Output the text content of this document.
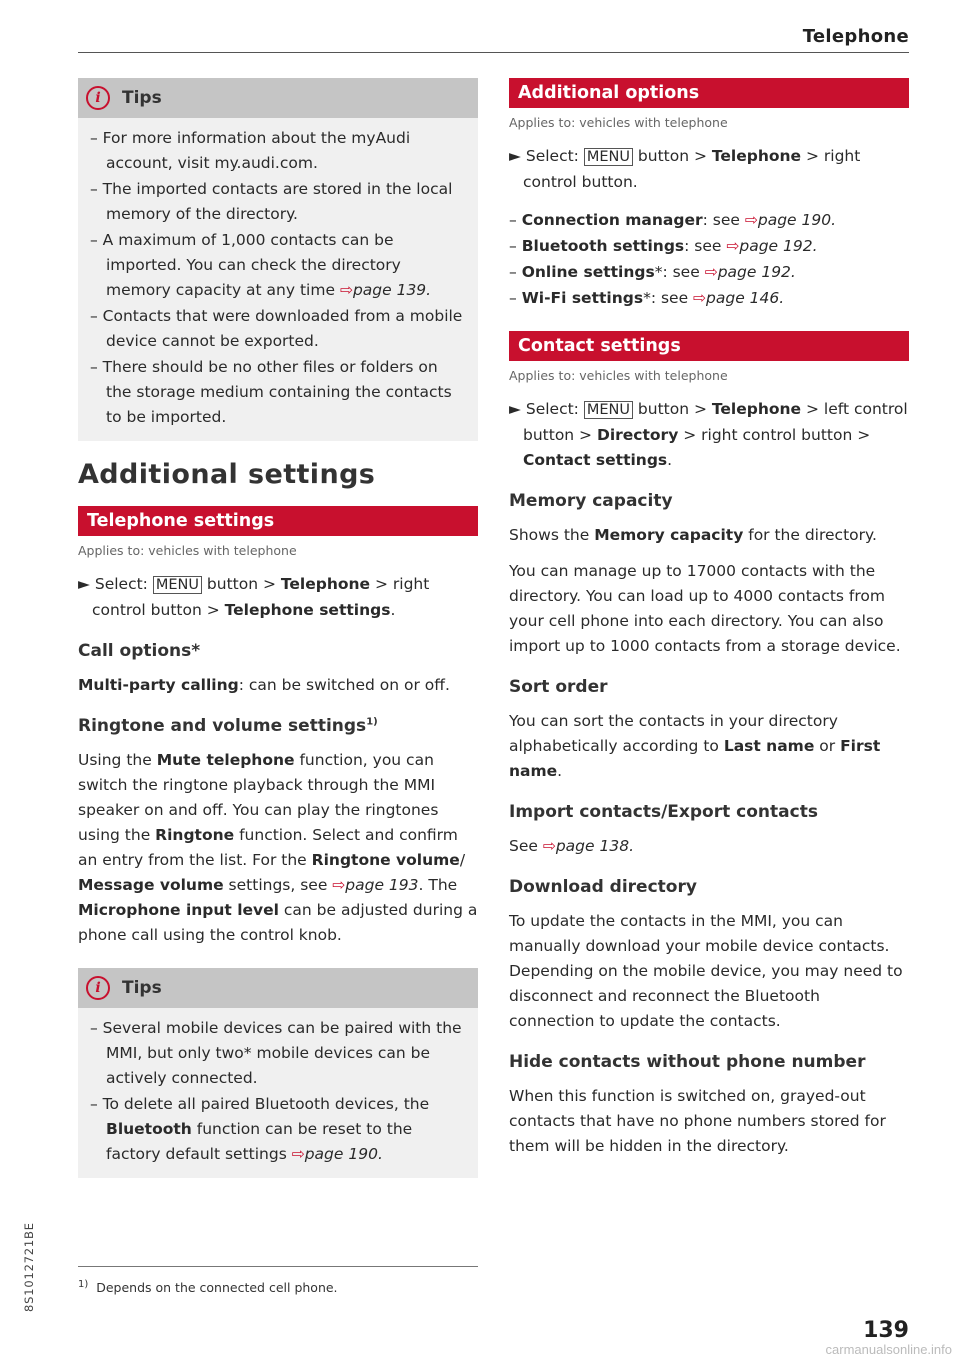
Telephone
i	Tips
– For more information about the myAudi account, visit my.audi.com.
– The imported contacts are stored in the local memory of the directory.
– A maximum of 1,000 contacts can be imported. You can check the directory memory capacity at any time ⇨page 139.
– Contacts that were downloaded from a mobile device cannot be exported.
– There should be no other files or folders on the storage medium containing the contacts to be imported.
Additional settings
Telephone settings
Applies to: vehicles with telephone
► Select: MENU button > Telephone > right control button > Telephone settings.
Call options*

Multi-party calling: can be switched on or off.

Ringtone and volume settings$^{1)}$

Using the Mute telephone function, you can switch the ringtone playback through the MMI speaker on and off. You can play the ringtones using the Ringtone function. Select and confirm an entry from the list. For the Ringtone volume/ Message volume settings, see ⇨page 193. The Microphone input level can be adjusted during a phone call using the control knob.

i	Tips
– Several mobile devices can be paired with the MMI, but only two* mobile devices can be actively connected.
– To delete all paired Bluetooth devices, the Bluetooth function can be reset to the factory default settings ⇨page 190.
Additional options
Applies to: vehicles with telephone
► Select: MENU button > Telephone > right control button.
– Connection manager: see ⇨page 190.
– Bluetooth settings: see ⇨page 192.
– Online settings*: see ⇨page 192.
– Wi-Fi settings*: see ⇨page 146.
Contact settings
Applies to: vehicles with telephone
► Select: MENU button > Telephone > left control button > Directory > right control button > Contact settings.
Memory capacity

Shows the Memory capacity for the directory.

You can manage up to 17000 contacts with the directory. You can load up to 4000 contacts from your cell phone into each directory. You can also import up to 1000 contacts from a storage device.

Sort order

You can sort the contacts in your directory alphabetically according to Last name or First name.

Import contacts/Export contacts

See ⇨page 138.

Download directory

To update the contacts in the MMI, you can manually download your mobile device contacts. Depending on the mobile device, you may need to disconnect and reconnect the Bluetooth connection to update the contacts.

Hide contacts without phone number

When this function is switched on, grayed-out contacts that have no phone numbers stored for them will be hidden in the directory.

$^{1)}$ Depends on the connected cell phone.
8S1012721BE
139
carmanualsonline.info
